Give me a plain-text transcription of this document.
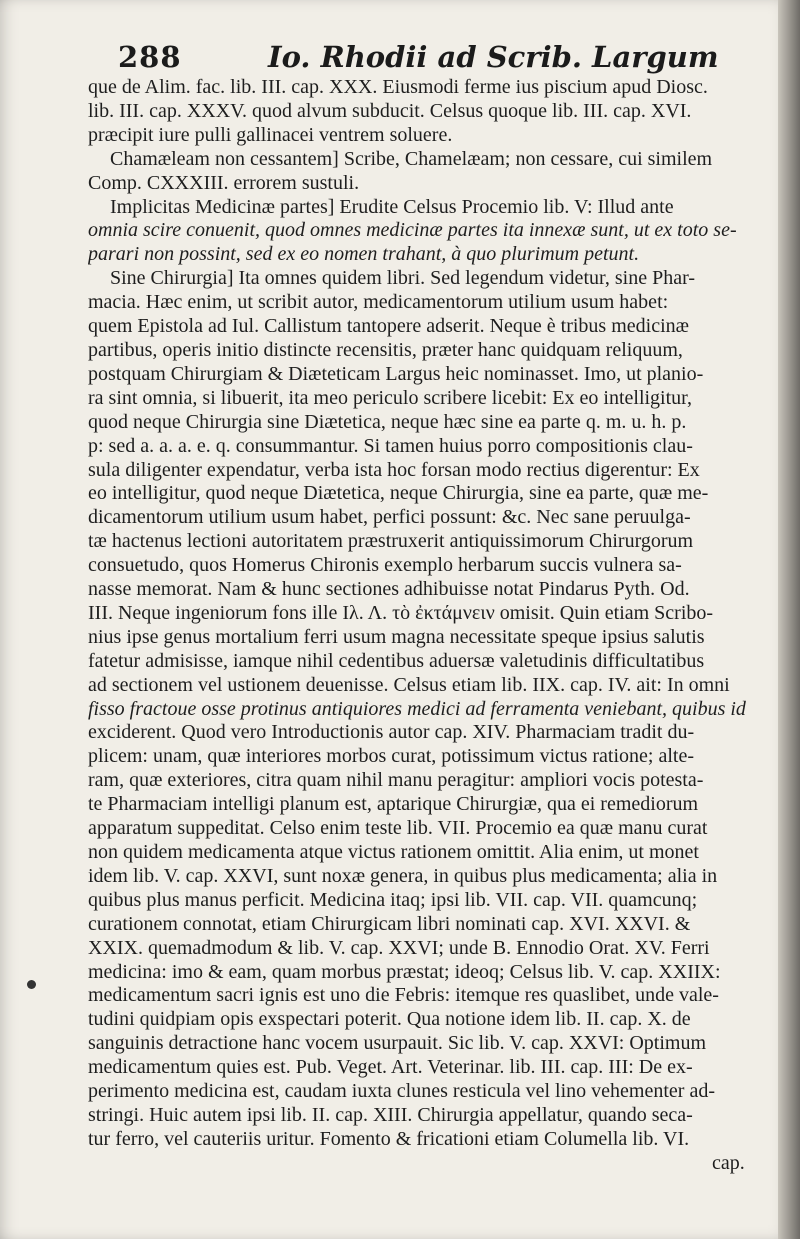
288	Io. Rhodii ad Scrib. Largum
que de Alim. fac. lib. III. cap. XXX. Eiusmodi ferme ius piscium apud Diosc.
lib. III. cap. XXXV. quod alvum subducit. Celsus quoque lib. III. cap. XVI.
præcipit iure pulli gallinacei ventrem soluere.
Chamæleam non cessantem] Scribe, Chamelæam; non cessare, cui similem
Comp. CXXXIII. errorem sustuli.
Implicitas Medicinæ partes] Erudite Celsus Procemio lib. V: Illud ante
omnia scire conuenit, quod omnes medicinæ partes ita innexæ sunt, ut ex toto se-
parari non possint, sed ex eo nomen trahant, à quo plurimum petunt.
Sine Chirurgia] Ita omnes quidem libri. Sed legendum videtur, sine Phar-
macia. Hæc enim, ut scribit autor, medicamentorum utilium usum habet:
quem Epistola ad Iul. Callistum tantopere adserit. Neque è tribus medicinæ
partibus, operis initio distincte recensitis, præter hanc quidquam reliquum,
postquam Chirurgiam & Diæteticam Largus heic nominasset. Imo, ut planio-
ra sint omnia, si libuerit, ita meo periculo scribere licebit: Ex eo intelligitur,
quod neque Chirurgia sine Diætetica, neque hæc sine ea parte q. m. u. h. p.
p: sed a. a. a. e. q. consummantur. Si tamen huius porro compositionis clau-
sula diligenter expendatur, verba ista hoc forsan modo rectius digerentur: Ex
eo intelligitur, quod neque Diætetica, neque Chirurgia, sine ea parte, quæ me-
dicamentorum utilium usum habet, perfici possunt: &c. Nec sane peruulga-
tæ hactenus lectioni autoritatem præstruxerit antiquissimorum Chirurgorum
consuetudo, quos Homerus Chironis exemplo herbarum succis vulnera sa-
nasse memorat. Nam & hunc sectiones adhibuisse notat Pindarus Pyth. Od.
III. Neque ingeniorum fons ille Ιλ. Λ. τὸ ἐκτάμνειν omisit. Quin etiam Scribo-
nius ipse genus mortalium ferri usum magna necessitate speque ipsius salutis
fatetur admisisse, iamque nihil cedentibus aduersæ valetudinis difficultatibus
ad sectionem vel ustionem deuenisse. Celsus etiam lib. IIX. cap. IV. ait: In omni
fisso fractoue osse protinus antiquiores medici ad ferramenta veniebant, quibus id
exciderent. Quod vero Introductionis autor cap. XIV. Pharmaciam tradit du-
plicem: unam, quæ interiores morbos curat, potissimum victus ratione; alte-
ram, quæ exteriores, citra quam nihil manu peragitur: ampliori vocis potesta-
te Pharmaciam intelligi planum est, aptarique Chirurgiæ, qua ei remediorum
apparatum suppeditat. Celso enim teste lib. VII. Procemio ea quæ manu curat
non quidem medicamenta atque victus rationem omittit. Alia enim, ut monet
idem lib. V. cap. XXVI, sunt noxæ genera, in quibus plus medicamenta; alia in
quibus plus manus perficit. Medicina itaq; ipsi lib. VII. cap. VII. quamcunq;
curationem connotat, etiam Chirurgicam libri nominati cap. XVI. XXVI. &
XXIX. quemadmodum & lib. V. cap. XXVI; unde B. Ennodio Orat. XV. Ferri
medicina: imo & eam, quam morbus præstat; ideoq; Celsus lib. V. cap. XXIIX:
medicamentum sacri ignis est uno die Febris: itemque res quaslibet, unde vale-
tudini quidpiam opis exspectari poterit. Qua notione idem lib. II. cap. X. de
sanguinis detractione hanc vocem usurpauit. Sic lib. V. cap. XXVI: Optimum
medicamentum quies est. Pub. Veget. Art. Veterinar. lib. III. cap. III: De ex-
perimento medicina est, caudam iuxta clunes resticula vel lino vehementer ad-
stringi. Huic autem ipsi lib. II. cap. XIII. Chirurgia appellatur, quando seca-
tur ferro, vel cauteriis uritur. Fomento & fricationi etiam Columella lib. VI.
cap.
